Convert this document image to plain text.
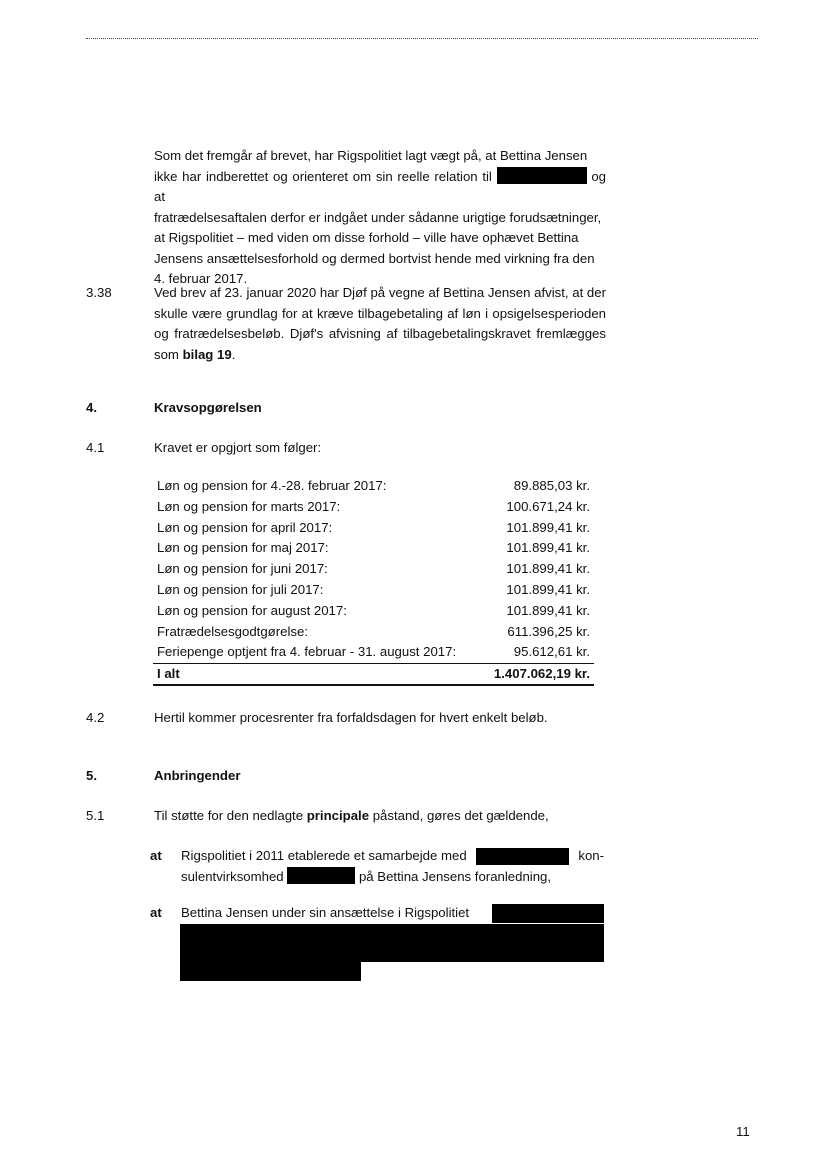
Som det fremgår af brevet, har Rigspolitiet lagt vægt på, at Bettina Jensen
ikke har indberettet og orienteret om sin reelle relation til	og at
fratrædelsesaftalen derfor er indgået under sådanne urigtige forudsætninger,
at Rigspolitiet – med viden om disse forhold – ville have ophævet Bettina
Jensens ansættelsesforhold og dermed bortvist hende med virkning fra den
4. februar 2017.
3.38	Ved brev af 23. januar 2020 har Djøf på vegne af Bettina Jensen afvist, at der skulle være grundlag for at kræve tilbagebetaling af løn i opsigelsesperioden og fratrædelsesbeløb. Djøf's afvisning af tilbagebetalingskravet fremlægges som bilag 19.
4.	Kravsopgørelsen
4.1	Kravet er opgjort som følger:
Løn og pension for 4.-28. februar 2017:	89.885,03 kr.
Løn og pension for marts 2017:	100.671,24 kr.
Løn og pension for april 2017:	101.899,41 kr.
Løn og pension for maj 2017:	101.899,41 kr.
Løn og pension for juni 2017:	101.899,41 kr.
Løn og pension for juli 2017:	101.899,41 kr.
Løn og pension for august 2017:	101.899,41 kr.
Fratrædelsesgodtgørelse:	611.396,25 kr.
Feriepenge optjent fra 4. februar - 31. august 2017:	95.612,61 kr.
I alt	1.407.062,19 kr.
4.2	Hertil kommer procesrenter fra forfaldsdagen for hvert enkelt beløb.
5.	Anbringender
5.1	Til støtte for den nedlagte principale påstand, gøres det gældende,
at Rigspolitiet i 2011 etablerede et samarbejde med	kon-
sulentvirksomhed	på Bettina Jensens foranledning,
at Bettina Jensen under sin ansættelse i Rigspolitiet
11
